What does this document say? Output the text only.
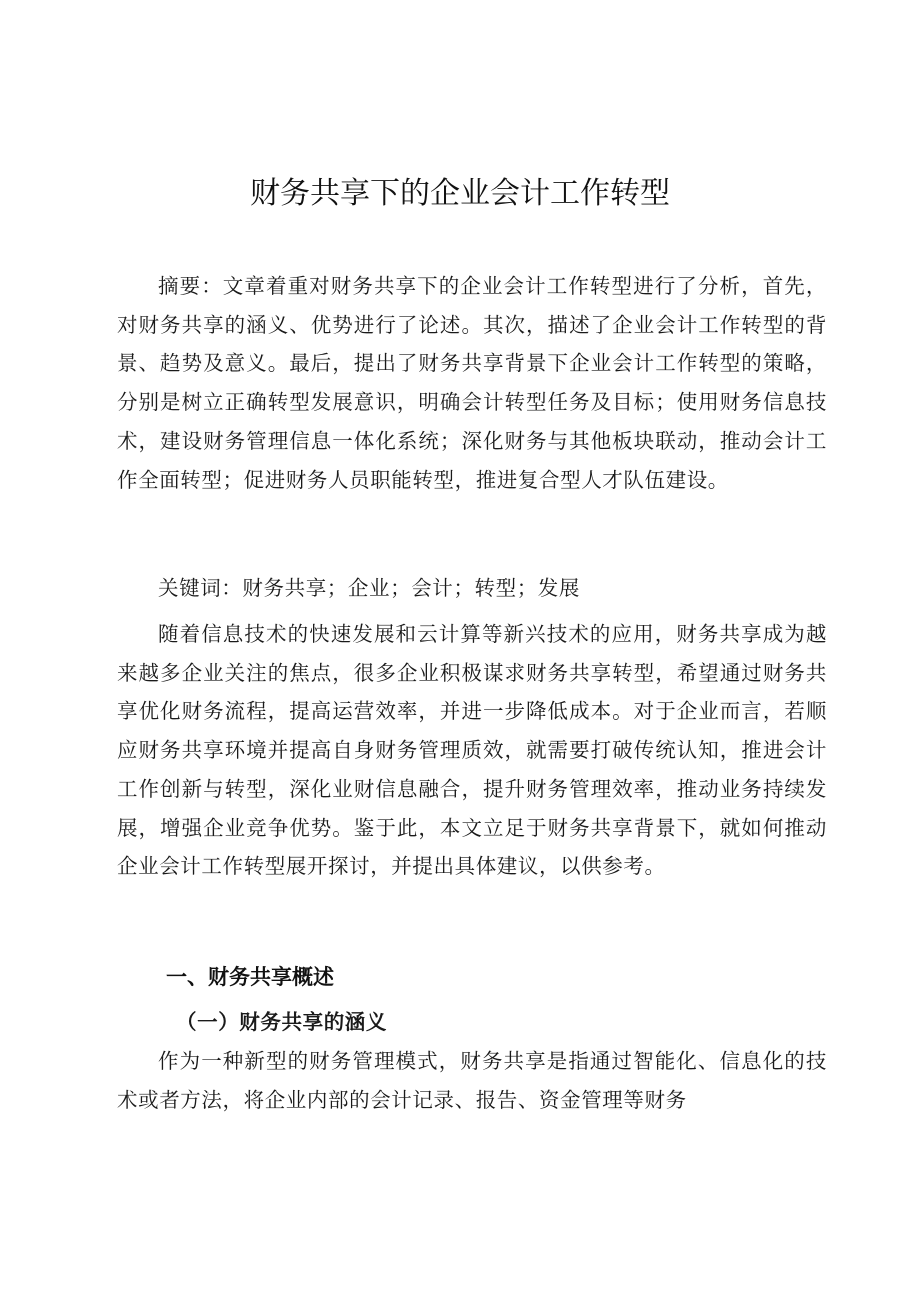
财务共享下的企业会计工作转型

摘要：文章着重对财务共享下的企业会计工作转型进行了分析，首先，对财务共享的涵义、优势进行了论述。其次，描述了企业会计工作转型的背景、趋势及意义。最后，提出了财务共享背景下企业会计工作转型的策略，分别是树立正确转型发展意识，明确会计转型任务及目标；使用财务信息技术，建设财务管理信息一体化系统；深化财务与其他板块联动，推动会计工作全面转型；促进财务人员职能转型，推进复合型人才队伍建设。

关键词：财务共享；企业；会计；转型；发展

随着信息技术的快速发展和云计算等新兴技术的应用，财务共享成为越来越多企业关注的焦点，很多企业积极谋求财务共享转型，希望通过财务共享优化财务流程，提高运营效率，并进一步降低成本。对于企业而言，若顺应财务共享环境并提高自身财务管理质效，就需要打破传统认知，推进会计工作创新与转型，深化业财信息融合，提升财务管理效率，推动业务持续发展，增强企业竞争优势。鉴于此，本文立足于财务共享背景下，就如何推动企业会计工作转型展开探讨，并提出具体建议，以供参考。

一、财务共享概述
（一）财务共享的涵义

作为一种新型的财务管理模式，财务共享是指通过智能化、信息化的技术或者方法，将企业内部的会计记录、报告、资金管理等财务
